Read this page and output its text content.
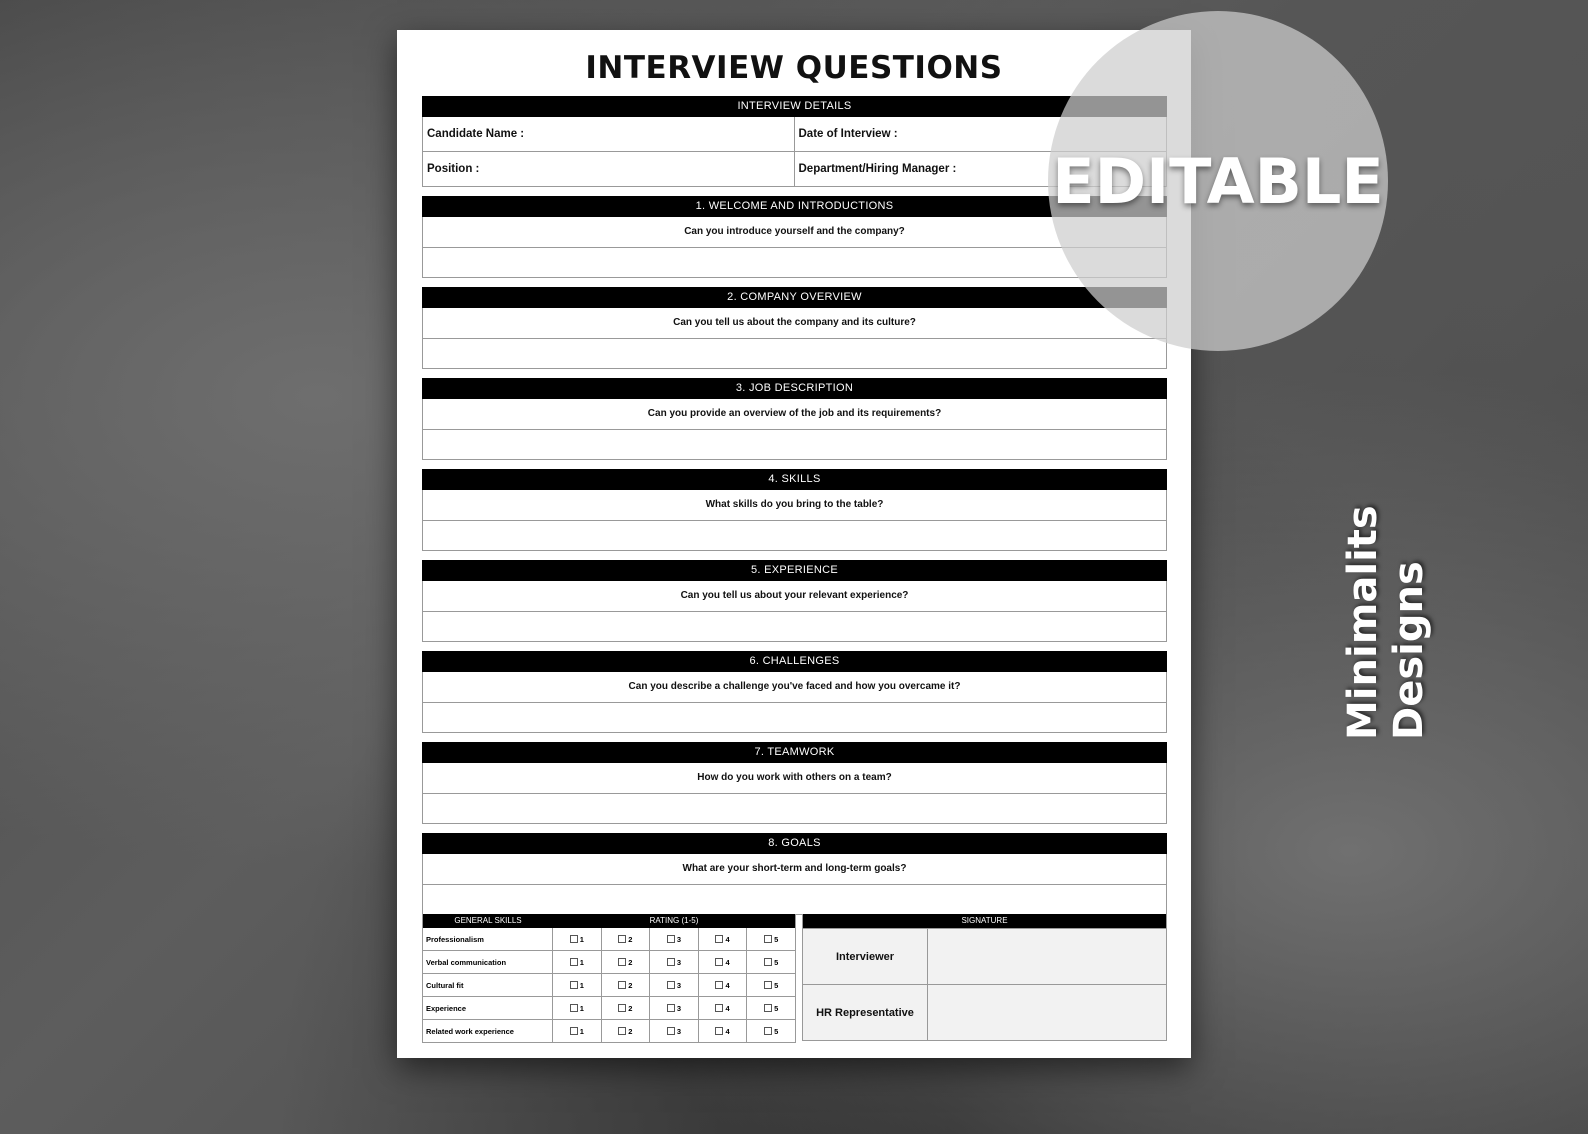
INTERVIEW QUESTIONS
INTERVIEW DETAILS
Candidate Name :	Date of Interview :
Position :	Department/Hiring Manager :
1. WELCOME AND INTRODUCTIONS
Can you introduce yourself and the company?
2. COMPANY OVERVIEW
Can you tell us about the company and its culture?
3. JOB DESCRIPTION
Can you provide an overview of the job and its requirements?
4. SKILLS
What skills do you bring to the table?
5. EXPERIENCE
Can you tell us about your relevant experience?
6. CHALLENGES
Can you describe a challenge you've faced and how you overcame it?
7. TEAMWORK
How do you work with others on a team?
8. GOALS
What are your short-term and long-term goals?
GENERAL SKILLS	RATING (1-5)
Professionalism	1	2	3	4	5
Verbal communication	1	2	3	4	5
Cultural fit	1	2	3	4	5
Experience	1	2	3	4	5
Related work experience	1	2	3	4	5
SIGNATURE
Interviewer
HR Representative
EDITABLE
Minimalits Designs
